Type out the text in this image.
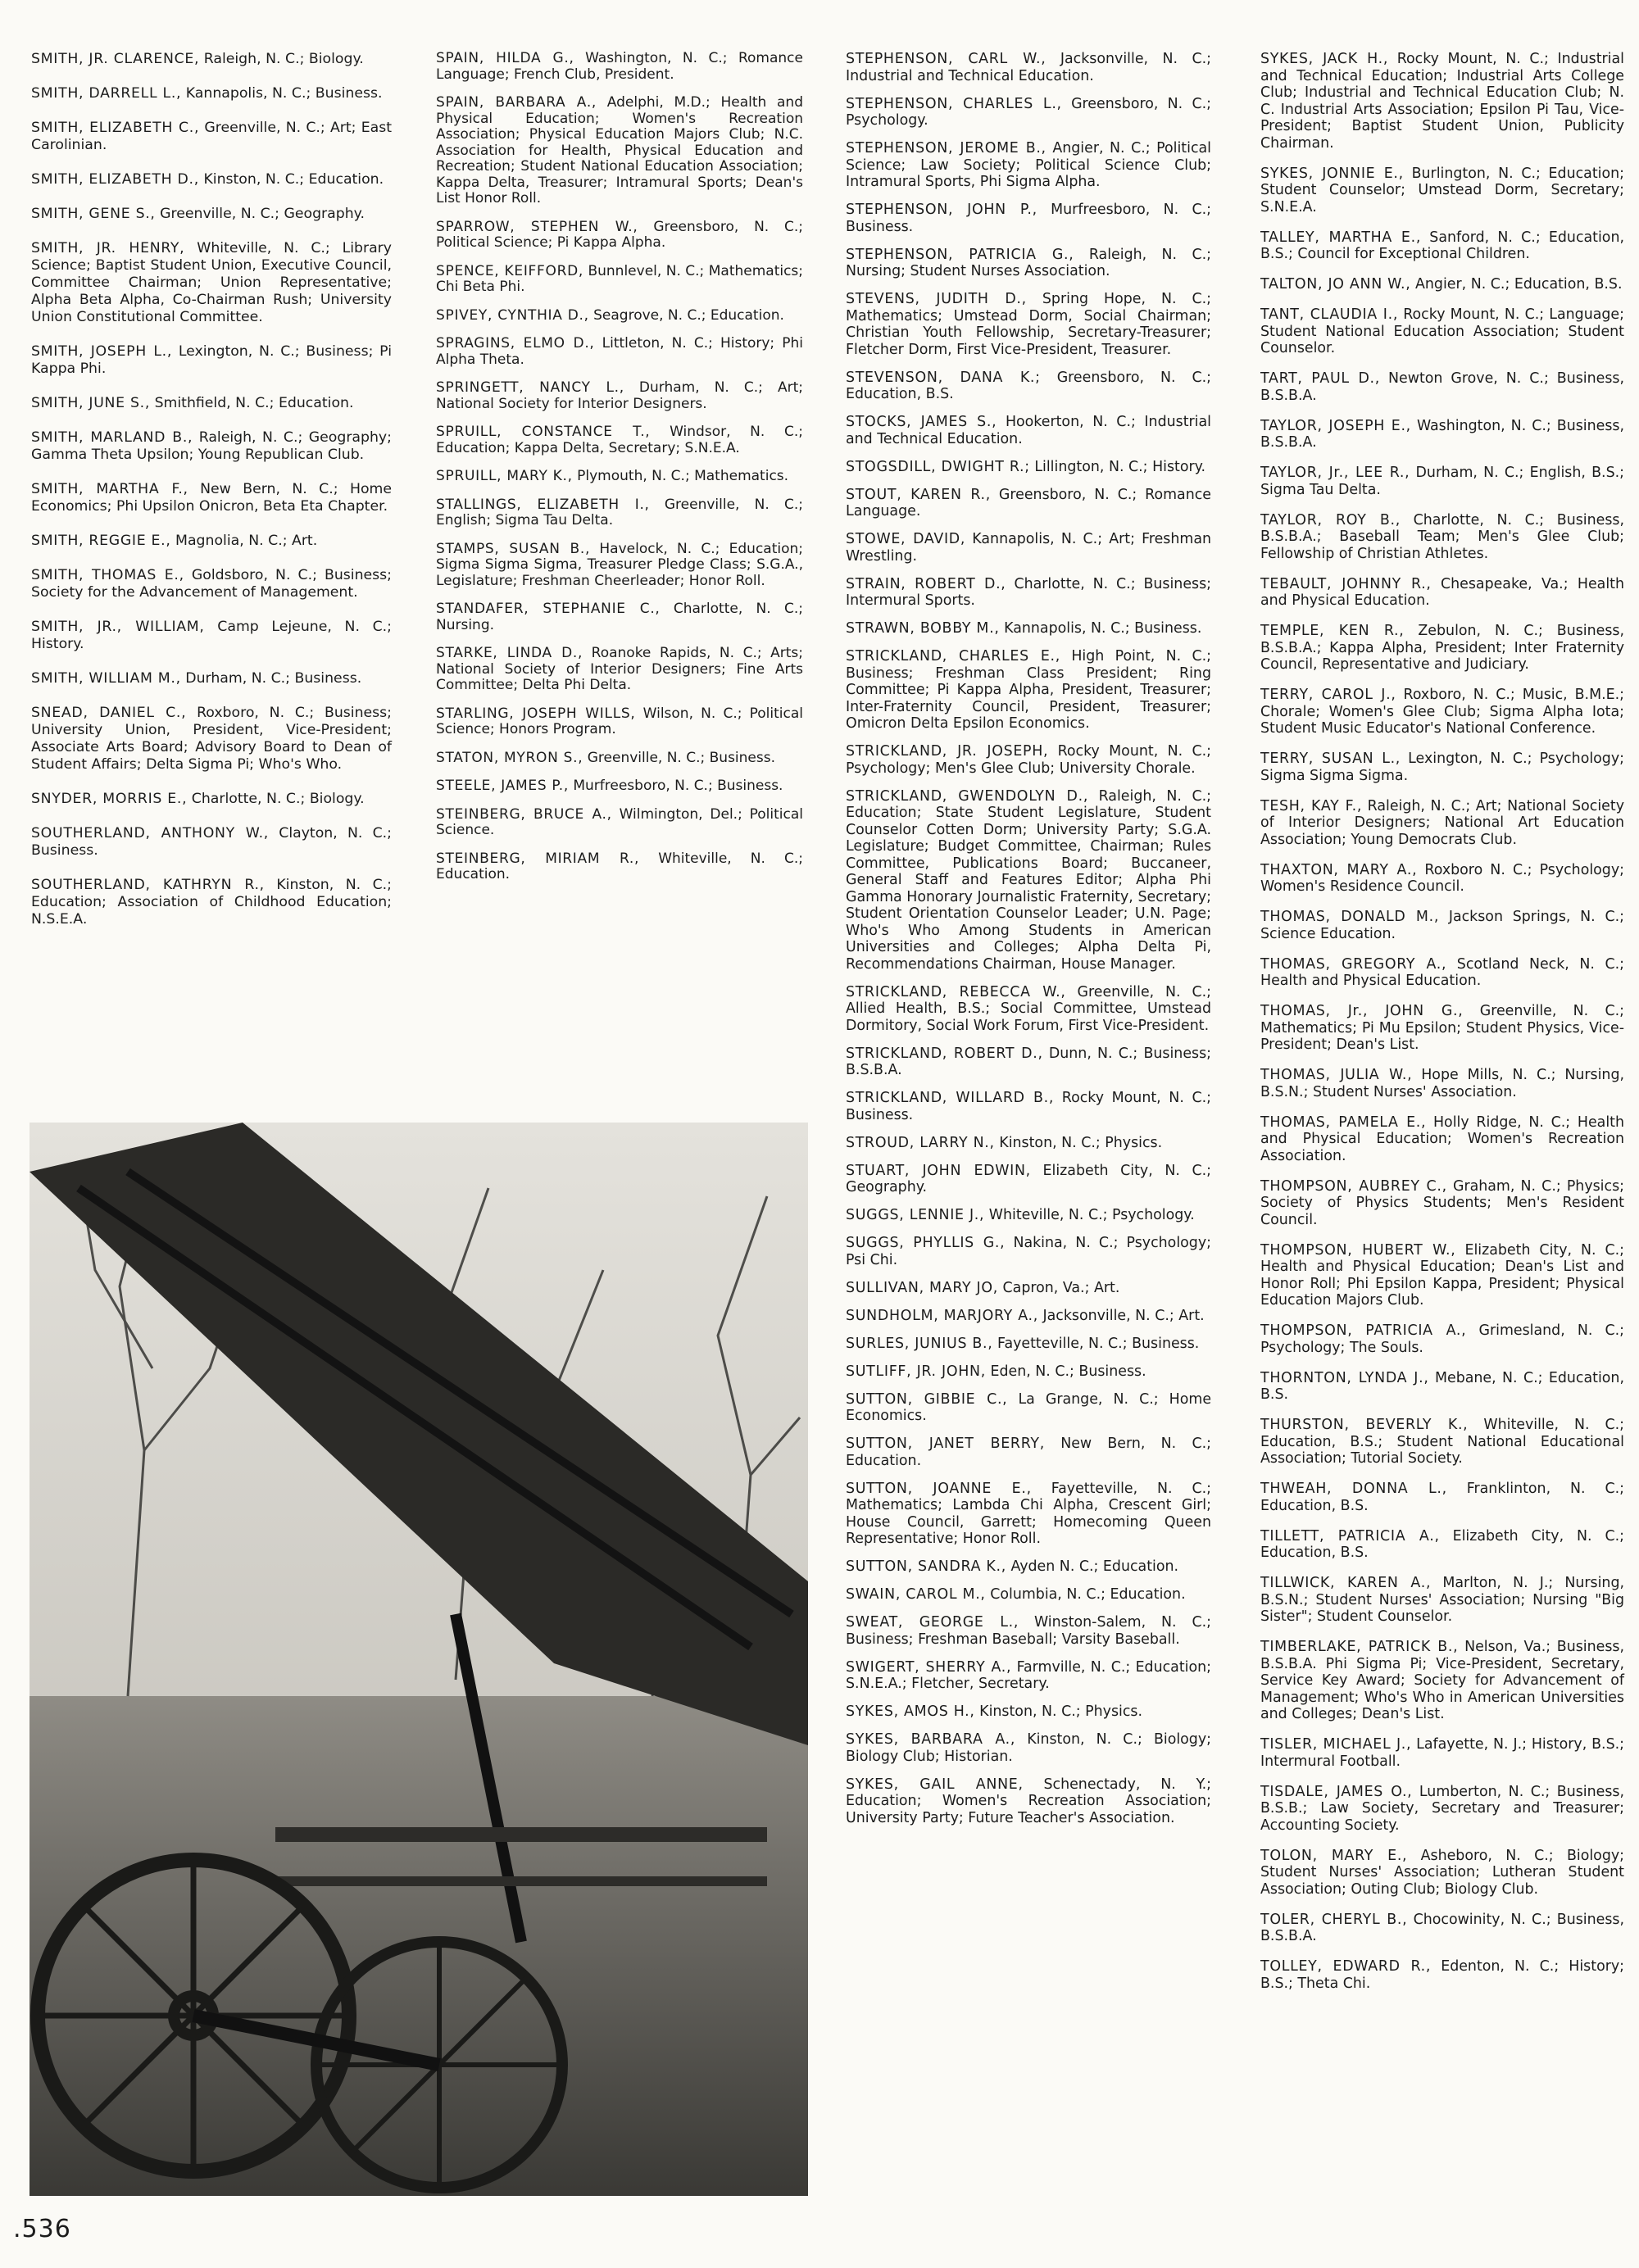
SMITH, JR. CLARENCE, Raleigh, N. C.; Biology.

SMITH, DARRELL L., Kannapolis, N. C.; Business.

SMITH, ELIZABETH C., Greenville, N. C.; Art; East Carolinian.

SMITH, ELIZABETH D., Kinston, N. C.; Education.

SMITH, GENE S., Greenville, N. C.; Geography.

SMITH, JR. HENRY, Whiteville, N. C.; Library Science; Baptist Student Union, Executive Council, Committee Chairman; Union Representative; Alpha Beta Alpha, Co-Chairman Rush; University Union Constitutional Committee.

SMITH, JOSEPH L., Lexington, N. C.; Business; Pi Kappa Phi.

SMITH, JUNE S., Smithfield, N. C.; Education.

SMITH, MARLAND B., Raleigh, N. C.; Geography; Gamma Theta Upsilon; Young Republican Club.

SMITH, MARTHA F., New Bern, N. C.; Home Economics; Phi Upsilon Onicron, Beta Eta Chapter.

SMITH, REGGIE E., Magnolia, N. C.; Art.

SMITH, THOMAS E., Goldsboro, N. C.; Business; Society for the Advancement of Management.

SMITH, JR., WILLIAM, Camp Lejeune, N. C.; History.

SMITH, WILLIAM M., Durham, N. C.; Business.

SNEAD, DANIEL C., Roxboro, N. C.; Business; University Union, President, Vice-President; Associate Arts Board; Advisory Board to Dean of Student Affairs; Delta Sigma Pi; Who's Who.

SNYDER, MORRIS E., Charlotte, N. C.; Biology.

SOUTHERLAND, ANTHONY W., Clayton, N. C.; Business.

SOUTHERLAND, KATHRYN R., Kinston, N. C.; Education; Association of Childhood Education; N.S.E.A.

SPAIN, HILDA G., Washington, N. C.; Romance Language; French Club, President.

SPAIN, BARBARA A., Adelphi, M.D.; Health and Physical Education; Women's Recreation Association; Physical Education Majors Club; N.C. Association for Health, Physical Education and Recreation; Student National Education Association; Kappa Delta, Treasurer; Intramural Sports; Dean's List Honor Roll.

SPARROW, STEPHEN W., Greensboro, N. C.; Political Science; Pi Kappa Alpha.

SPENCE, KEIFFORD, Bunnlevel, N. C.; Mathematics; Chi Beta Phi.

SPIVEY, CYNTHIA D., Seagrove, N. C.; Education.

SPRAGINS, ELMO D., Littleton, N. C.; History; Phi Alpha Theta.

SPRINGETT, NANCY L., Durham, N. C.; Art; National Society for Interior Designers.

SPRUILL, CONSTANCE T., Windsor, N. C.; Education; Kappa Delta, Secretary; S.N.E.A.

SPRUILL, MARY K., Plymouth, N. C.; Mathematics.

STALLINGS, ELIZABETH I., Greenville, N. C.; English; Sigma Tau Delta.

STAMPS, SUSAN B., Havelock, N. C.; Education; Sigma Sigma Sigma, Treasurer Pledge Class; S.G.A., Legislature; Freshman Cheerleader; Honor Roll.

STANDAFER, STEPHANIE C., Charlotte, N. C.; Nursing.

STARKE, LINDA D., Roanoke Rapids, N. C.; Arts; National Society of Interior Designers; Fine Arts Committee; Delta Phi Delta.

STARLING, JOSEPH WILLS, Wilson, N. C.; Political Science; Honors Program.

STATON, MYRON S., Greenville, N. C.; Business.

STEELE, JAMES P., Murfreesboro, N. C.; Business.

STEINBERG, BRUCE A., Wilmington, Del.; Political Science.

STEINBERG, MIRIAM R., Whiteville, N. C.; Education.

STEPHENSON, CARL W., Jacksonville, N. C.; Industrial and Technical Education.

STEPHENSON, CHARLES L., Greensboro, N. C.; Psychology.

STEPHENSON, JEROME B., Angier, N. C.; Political Science; Law Society; Political Science Club; Intramural Sports, Phi Sigma Alpha.

STEPHENSON, JOHN P., Murfreesboro, N. C.; Business.

STEPHENSON, PATRICIA G., Raleigh, N. C.; Nursing; Student Nurses Association.

STEVENS, JUDITH D., Spring Hope, N. C.; Mathematics; Umstead Dorm, Social Chairman; Christian Youth Fellowship, Secretary-Treasurer; Fletcher Dorm, First Vice-President, Treasurer.

STEVENSON, DANA K.; Greensboro, N. C.; Education, B.S.

STOCKS, JAMES S., Hookerton, N. C.; Industrial and Technical Education.

STOGSDILL, DWIGHT R.; Lillington, N. C.; History.

STOUT, KAREN R., Greensboro, N. C.; Romance Language.

STOWE, DAVID, Kannapolis, N. C.; Art; Freshman Wrestling.

STRAIN, ROBERT D., Charlotte, N. C.; Business; Intermural Sports.

STRAWN, BOBBY M., Kannapolis, N. C.; Business.

STRICKLAND, CHARLES E., High Point, N. C.; Business; Freshman Class President; Ring Committee; Pi Kappa Alpha, President, Treasurer; Inter-Fraternity Council, President, Treasurer; Omicron Delta Epsilon Economics.

STRICKLAND, JR. JOSEPH, Rocky Mount, N. C.; Psychology; Men's Glee Club; University Chorale.

STRICKLAND, GWENDOLYN D., Raleigh, N. C.; Education; State Student Legislature, Student Counselor Cotten Dorm; University Party; S.G.A. Legislature; Budget Committee, Chairman; Rules Committee, Publications Board; Buccaneer, General Staff and Features Editor; Alpha Phi Gamma Honorary Journalistic Fraternity, Secretary; Student Orientation Counselor Leader; U.N. Page; Who's Who Among Students in American Universities and Colleges; Alpha Delta Pi, Recommendations Chairman, House Manager.

STRICKLAND, REBECCA W., Greenville, N. C.; Allied Health, B.S.; Social Committee, Umstead Dormitory, Social Work Forum, First Vice-President.

STRICKLAND, ROBERT D., Dunn, N. C.; Business; B.S.B.A.

STRICKLAND, WILLARD B., Rocky Mount, N. C.; Business.

STROUD, LARRY N., Kinston, N. C.; Physics.

STUART, JOHN EDWIN, Elizabeth City, N. C.; Geography.

SUGGS, LENNIE J., Whiteville, N. C.; Psychology.

SUGGS, PHYLLIS G., Nakina, N. C.; Psychology; Psi Chi.

SULLIVAN, MARY JO, Capron, Va.; Art.

SUNDHOLM, MARJORY A., Jacksonville, N. C.; Art.

SURLES, JUNIUS B., Fayetteville, N. C.; Business.

SUTLIFF, JR. JOHN, Eden, N. C.; Business.

SUTTON, GIBBIE C., La Grange, N. C.; Home Economics.

SUTTON, JANET BERRY, New Bern, N. C.; Education.

SUTTON, JOANNE E., Fayetteville, N. C.; Mathematics; Lambda Chi Alpha, Crescent Girl; House Council, Garrett; Homecoming Queen Representative; Honor Roll.

SUTTON, SANDRA K., Ayden N. C.; Education.

SWAIN, CAROL M., Columbia, N. C.; Education.

SWEAT, GEORGE L., Winston-Salem, N. C.; Business; Freshman Baseball; Varsity Baseball.

SWIGERT, SHERRY A., Farmville, N. C.; Education; S.N.E.A.; Fletcher, Secretary.

SYKES, AMOS H., Kinston, N. C.; Physics.

SYKES, BARBARA A., Kinston, N. C.; Biology; Biology Club; Historian.

SYKES, GAIL ANNE, Schenectady, N. Y.; Education; Women's Recreation Association; University Party; Future Teacher's Association.

SYKES, JACK H., Rocky Mount, N. C.; Industrial and Technical Education; Industrial Arts College Club; Industrial and Technical Education Club; N. C. Industrial Arts Association; Epsilon Pi Tau, Vice-President; Baptist Student Union, Publicity Chairman.

SYKES, JONNIE E., Burlington, N. C.; Education; Student Counselor; Umstead Dorm, Secretary; S.N.E.A.

TALLEY, MARTHA E., Sanford, N. C.; Education, B.S.; Council for Exceptional Children.

TALTON, JO ANN W., Angier, N. C.; Education, B.S.

TANT, CLAUDIA I., Rocky Mount, N. C.; Language; Student National Education Association; Student Counselor.

TART, PAUL D., Newton Grove, N. C.; Business, B.S.B.A.

TAYLOR, JOSEPH E., Washington, N. C.; Business, B.S.B.A.

TAYLOR, Jr., LEE R., Durham, N. C.; English, B.S.; Sigma Tau Delta.

TAYLOR, ROY B., Charlotte, N. C.; Business, B.S.B.A.; Baseball Team; Men's Glee Club; Fellowship of Christian Athletes.

TEBAULT, JOHNNY R., Chesapeake, Va.; Health and Physical Education.

TEMPLE, KEN R., Zebulon, N. C.; Business, B.S.B.A.; Kappa Alpha, President; Inter Fraternity Council, Representative and Judiciary.

TERRY, CAROL J., Roxboro, N. C.; Music, B.M.E.; Chorale; Women's Glee Club; Sigma Alpha Iota; Student Music Educator's National Conference.

TERRY, SUSAN L., Lexington, N. C.; Psychology; Sigma Sigma Sigma.

TESH, KAY F., Raleigh, N. C.; Art; National Society of Interior Designers; National Art Education Association; Young Democrats Club.

THAXTON, MARY A., Roxboro N. C.; Psychology; Women's Residence Council.

THOMAS, DONALD M., Jackson Springs, N. C.; Science Education.

THOMAS, GREGORY A., Scotland Neck, N. C.; Health and Physical Education.

THOMAS, Jr., JOHN G., Greenville, N. C.; Mathematics; Pi Mu Epsilon; Student Physics, Vice-President; Dean's List.

THOMAS, JULIA W., Hope Mills, N. C.; Nursing, B.S.N.; Student Nurses' Association.

THOMAS, PAMELA E., Holly Ridge, N. C.; Health and Physical Education; Women's Recreation Association.

THOMPSON, AUBREY C., Graham, N. C.; Physics; Society of Physics Students; Men's Resident Council.

THOMPSON, HUBERT W., Elizabeth City, N. C.; Health and Physical Education; Dean's List and Honor Roll; Phi Epsilon Kappa, President; Physical Education Majors Club.

THOMPSON, PATRICIA A., Grimesland, N. C.; Psychology; The Souls.

THORNTON, LYNDA J., Mebane, N. C.; Education, B.S.

THURSTON, BEVERLY K., Whiteville, N. C.; Education, B.S.; Student National Educational Association; Tutorial Society.

THWEAH, DONNA L., Franklinton, N. C.; Education, B.S.

TILLETT, PATRICIA A., Elizabeth City, N. C.; Education, B.S.

TILLWICK, KAREN A., Marlton, N. J.; Nursing, B.S.N.; Student Nurses' Association; Nursing "Big Sister"; Student Counselor.

TIMBERLAKE, PATRICK B., Nelson, Va.; Business, B.S.B.A. Phi Sigma Pi; Vice-President, Secretary, Service Key Award; Society for Advancement of Management; Who's Who in American Universities and Colleges; Dean's List.

TISLER, MICHAEL J., Lafayette, N. J.; History, B.S.; Intermural Football.

TISDALE, JAMES O., Lumberton, N. C.; Business, B.S.B.; Law Society, Secretary and Treasurer; Accounting Society.

TOLON, MARY E., Asheboro, N. C.; Biology; Student Nurses' Association; Lutheran Student Association; Outing Club; Biology Club.

TOLER, CHERYL B., Chocowinity, N. C.; Business, B.S.B.A.

TOLLEY, EDWARD R., Edenton, N. C.; History; B.S.; Theta Chi.

.536
